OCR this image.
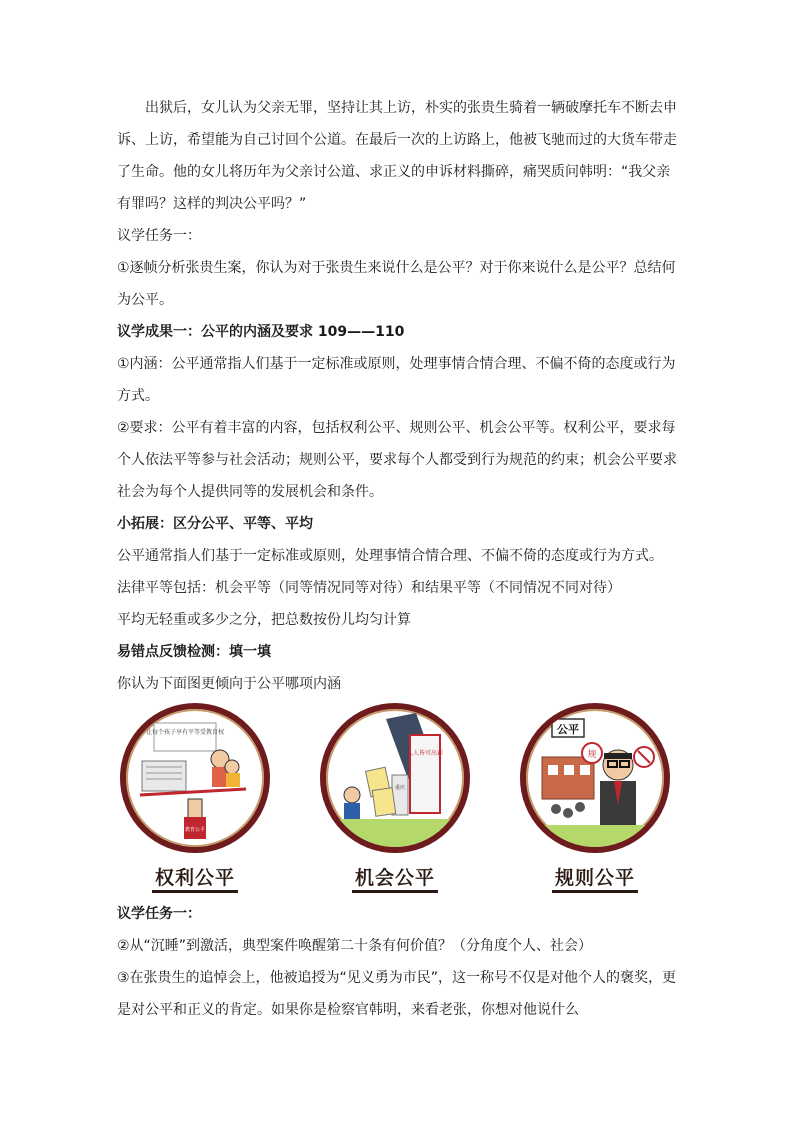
出狱后，女儿认为父亲无罪，坚持让其上访，朴实的张贵生骑着一辆破摩托车不断去申诉、上访，希望能为自己讨回个公道。在最后一次的上访路上，他被飞驰而过的大货车带走了生命。他的女儿将历年为父亲讨公道、求正义的申诉材料撕碎，痛哭质问韩明：“我父亲有罪吗？这样的判决公平吗？”

议学任务一：

①逐帧分析张贵生案，你认为对于张贵生来说什么是公平？对于你来说什么是公平？总结何为公平。

议学成果一：公平的内涵及要求 109——110

①内涵：公平通常指人们基于一定标准或原则，处理事情合情合理、不偏不倚的态度或行为方式。

②要求：公平有着丰富的内容，包括权利公平、规则公平、机会公平等。权利公平，要求每个人依法平等参与社会活动；规则公平，要求每个人都受到行为规范的约束；机会公平要求社会为每个人提供同等的发展机会和条件。

小拓展：区分公平、平等、平均

公平通常指人们基于一定标准或原则，处理事情合情合理、不偏不倚的态度或行为方式。

法律平等包括：机会平等（同等情况同等对待）和结果平等（不同情况不同对待）

平均无轻重或多少之分，把总数按份儿均匀计算

易错点反馈检测：填一填

你认为下面图更倾向于公平哪项内涵

让每个孩子享有平等受教育权
教育公平
权利公平
人人皆可出彩
重庆
机会公平
公平
规
规则公平

议学任务一：

②从“沉睡”到激活，典型案件唤醒第二十条有何价值？（分角度个人、社会）

③在张贵生的追悼会上，他被追授为“见义勇为市民”，这一称号不仅是对他个人的褒奖，更是对公平和正义的肯定。如果你是检察官韩明，来看老张，你想对他说什么
